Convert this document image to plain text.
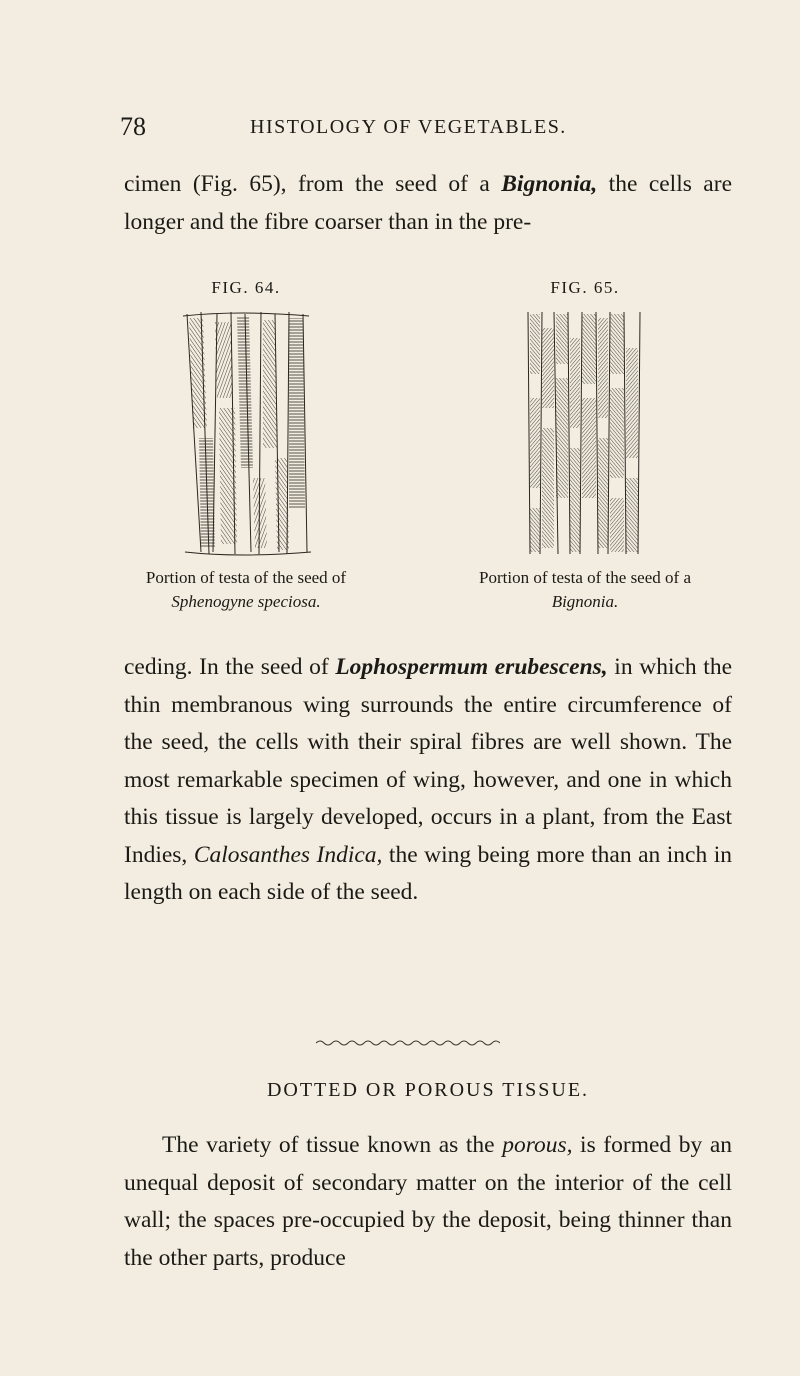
78	HISTOLOGY OF VEGETABLES.

cimen (Fig. 65), from the seed of a Bignonia, the cells are longer and the fibre coarser than in the pre-

FIG. 64.
Portion of testa of the seed of
Sphenogyne speciosa.
FIG. 65.
Portion of testa of the seed of a
Bignonia.

ceding. In the seed of Lophospermum erubescens, in which the thin membranous wing surrounds the entire circumference of the seed, the cells with their spiral fibres are well shown. The most remarkable specimen of wing, however, and one in which this tissue is largely developed, occurs in a plant, from the East Indies, Calosanthes Indica, the wing being more than an inch in length on each side of the seed.

DOTTED OR POROUS TISSUE.

The variety of tissue known as the porous, is formed by an unequal deposit of secondary matter on the interior of the cell wall; the spaces pre-occupied by the deposit, being thinner than the other parts, produce
